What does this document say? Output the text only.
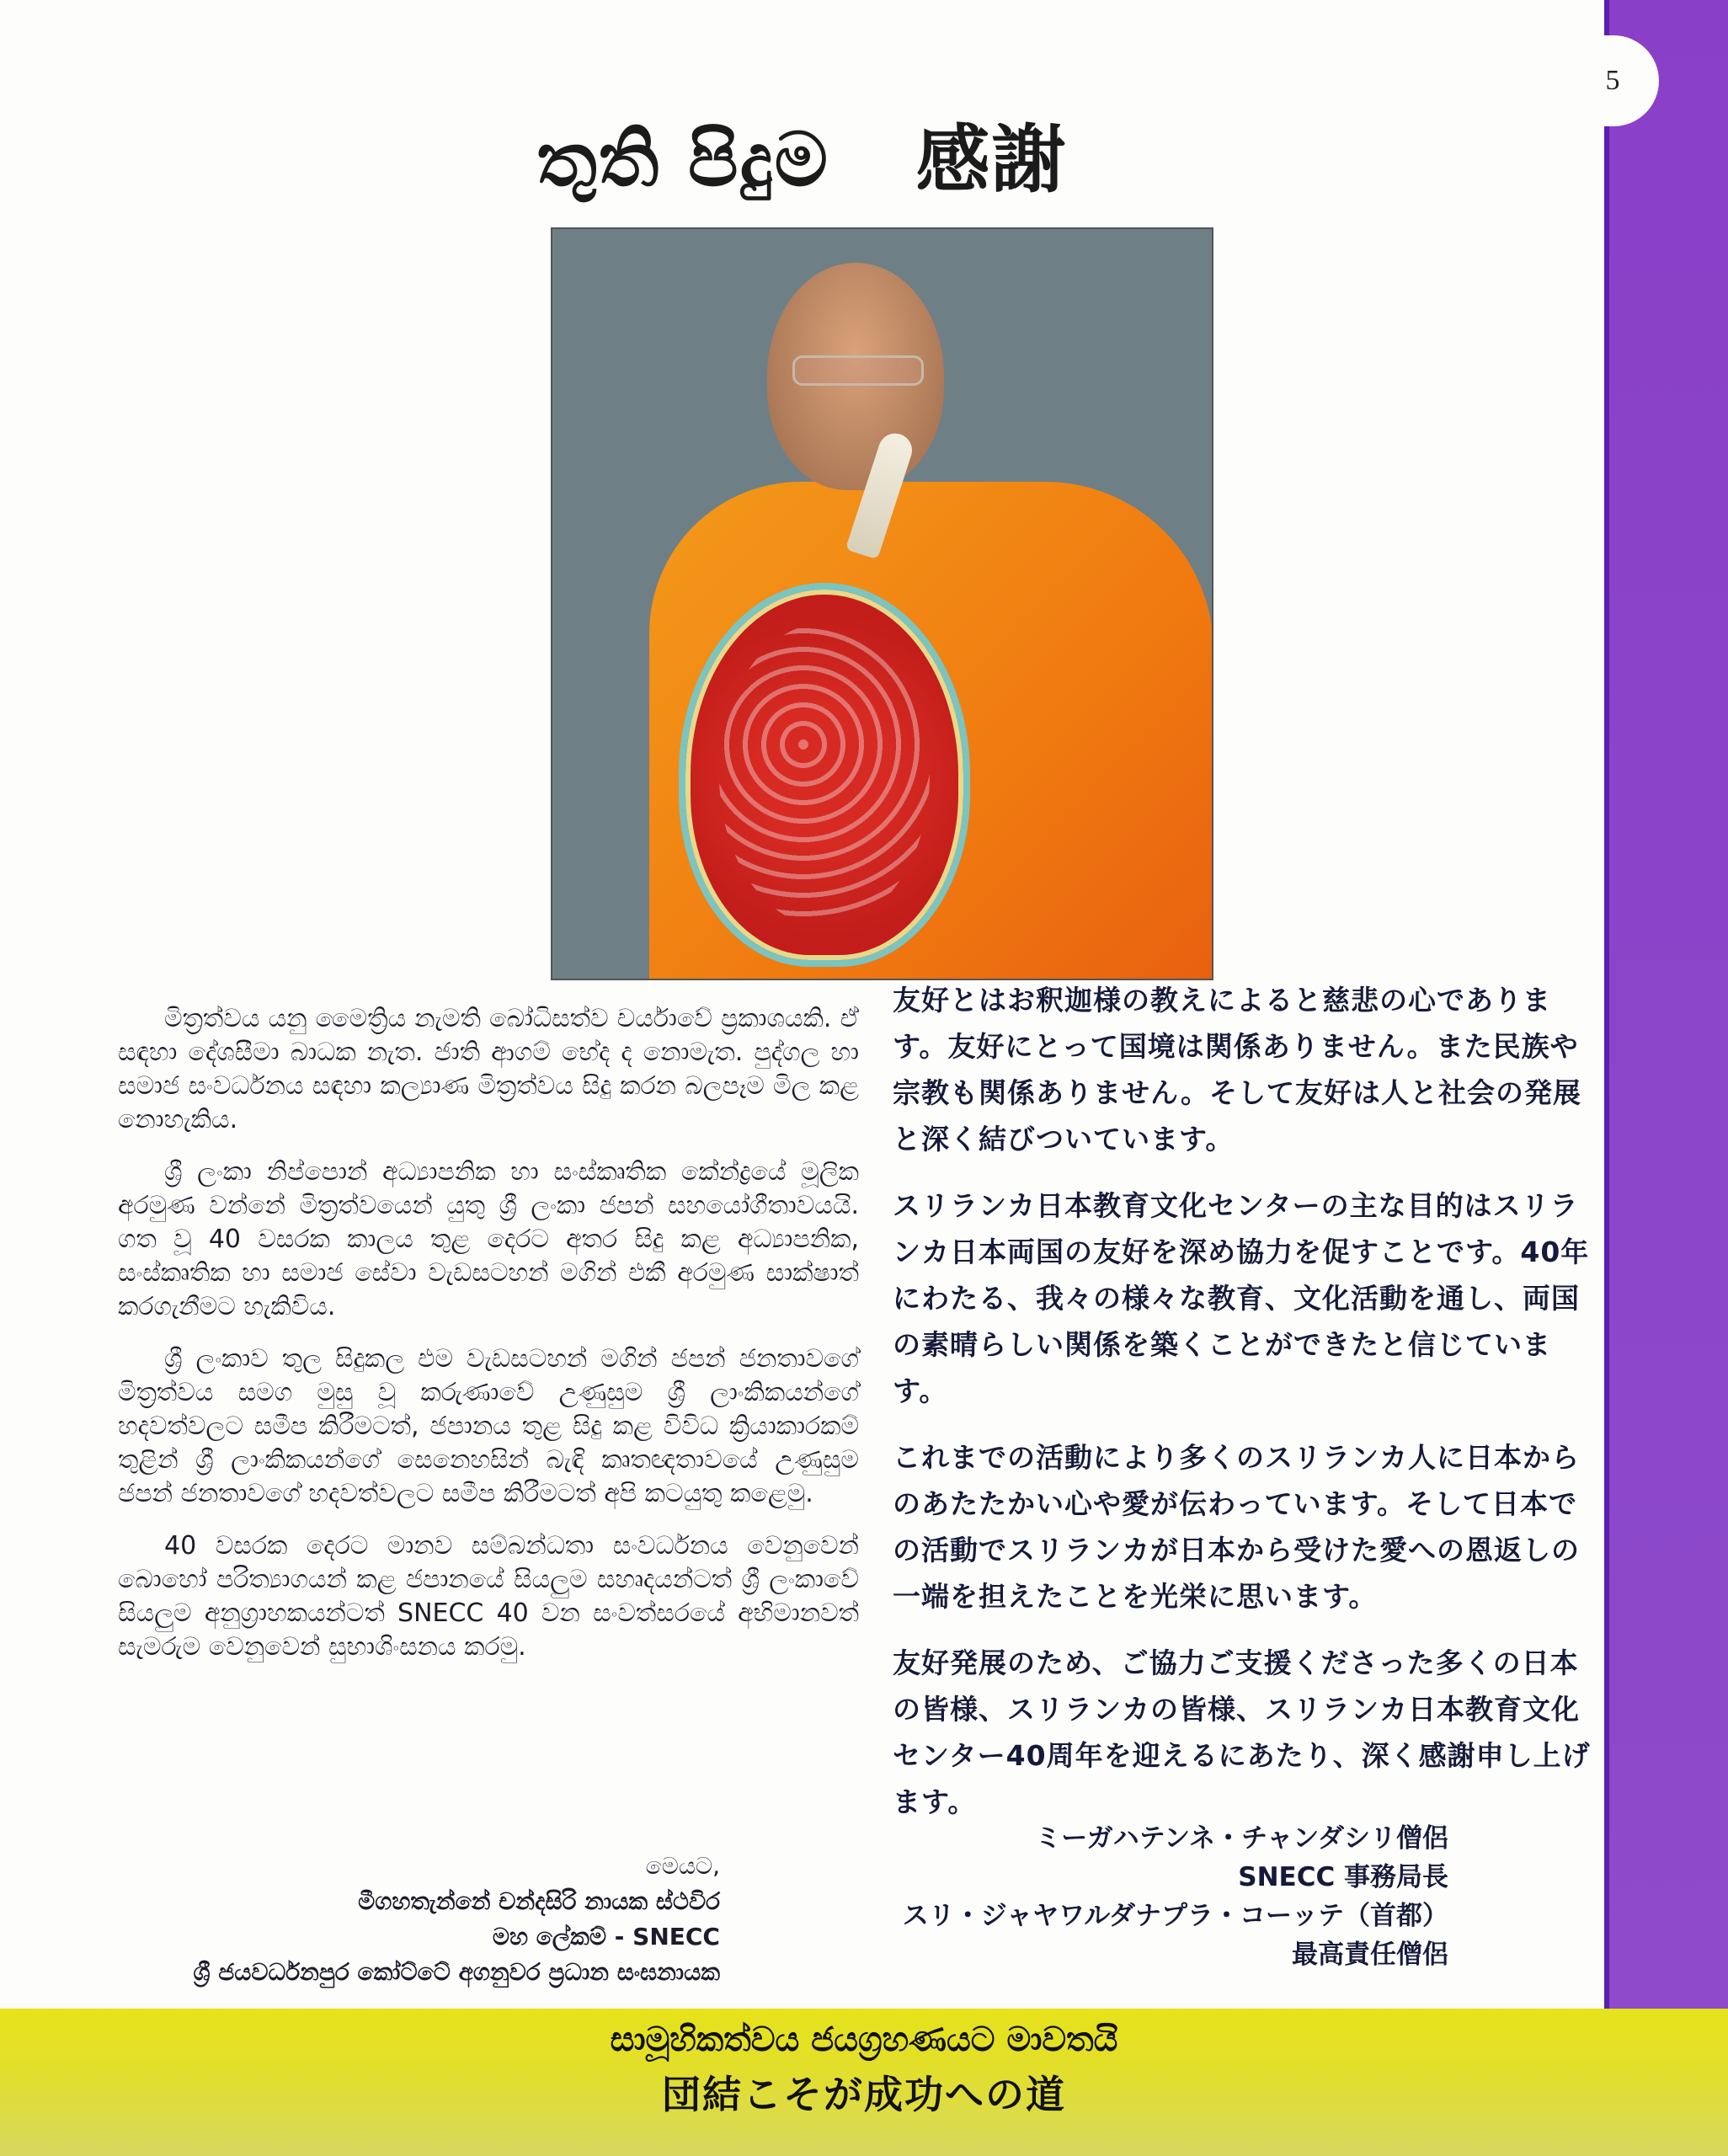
තුති පිදුම 感謝

මිත්‍රත්වය යනු මෛත්‍රිය නැමති බෝධිසත්ව චර්යාවේ ප්‍රකාශයකි. ඒ සඳහා දේශසීමා බාධක නැත. ජාති ආගම් භේද ද නොමැත. පුද්ගල හා සමාජ සංවර්ධනය සඳහා කල්‍යාණ මිත්‍රත්වය සිදු කරන බලපෑම මිල කළ නොහැකිය.

ශ්‍රී ලංකා නිප්පොන් අධ්‍යාපනික හා සංස්කෘතික කේන්ද්‍රයේ මූලික අරමුණ වන්නේ මිත්‍රත්වයෙන් යුතු ශ්‍රී ලංකා ජපන් සහයෝගීතාවයයි. ගත වූ 40 වසරක කාලය තුළ දෙරට අතර සිදු කළ අධ්‍යාපනික, සංස්කෘතික හා සමාජ සේවා වැඩසටහන් මගින් එකී අරමුණ සාක්ෂාත් කරගැනීමට හැකිවිය.

ශ්‍රී ලංකාව තුල සිදුකල එම වැඩසටහන් මගින් ජපන් ජනතාවගේ මිත්‍රත්වය සමග මුසු වූ කරුණාවේ උණුසුම ශ්‍රී ලාංකිකයන්ගේ හදවත්වලට සමීප කිරීමටත්, ජපානය තුළ සිදු කළ විවිධ ක්‍රියාකාරකම් තුළින් ශ්‍රී ලාංකිකයන්ගේ සෙනෙහසින් බැඳි කෘතඥතාවයේ උණුසුම ජපන් ජනතාවගේ හදවත්වලට සමීප කිරීමටත් අපි කටයුතු කළෙමු.

40 වසරක දෙරට මානව සම්බන්ධතා සංවර්ධනය වෙනුවෙන් බොහෝ පරිත්‍යාගයන් කළ ජපානයේ සියලුම සහෘදයන්ටත් ශ්‍රී ලංකාවේ සියලුම අනුග්‍රාහකයන්ටත් SNECC 40 වන සංවත්සරයේ අභිමානවත් සැමරුම වෙනුවෙන් සුභාශිංසනය කරමු.

මෙයට,
මීගහතැන්නේ චන්දසිරි නායක ස්ථවිර
මහ ලේකම් - SNECC
ශ්‍රී ජයවර්ධනපුර කෝට්ටේ අගනුවර ප්‍රධාන සංඝනායක

友好とはお釈迦様の教えによると慈悲の心であります。友好にとって国境は関係ありません。また民族や宗教も関係ありません。そして友好は人と社会の発展と深く結びついています。

スリランカ日本教育文化センターの主な目的はスリランカ日本両国の友好を深め協力を促すことです。40年にわたる、我々の様々な教育、文化活動を通し、両国の素晴らしい関係を築くことができたと信じています。

これまでの活動により多くのスリランカ人に日本からのあたたかい心や愛が伝わっています。そして日本での活動でスリランカが日本から受けた愛への恩返しの一端を担えたことを光栄に思います。

友好発展のため、ご協力ご支援くださった多くの日本の皆様、スリランカの皆様、スリランカ日本教育文化センター40周年を迎えるにあたり、深く感謝申し上げます。

ミーガハテンネ・チャンダシリ僧侶
SNECC 事務局長
スリ・ジャヤワルダナプラ・コーッテ（首都）
最高責任僧侶
5
සාමූහිකත්වය ජයග්‍රහණයට මාවතයි
団結こそが成功への道
